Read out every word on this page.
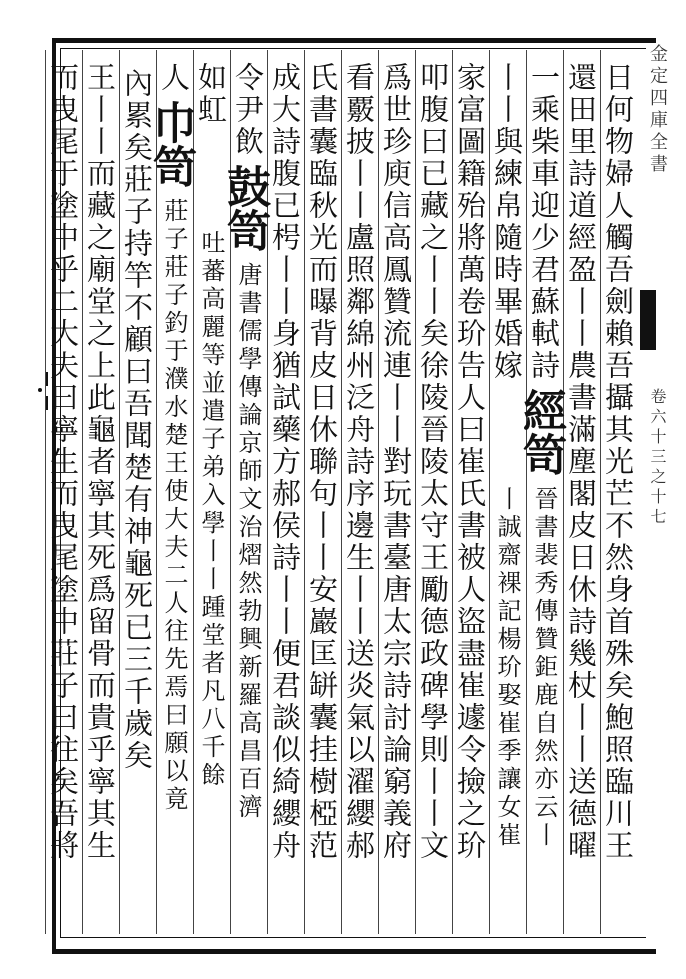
金定四庫全書
卷六十三之十七
日何物婦人觸吾劍賴吾攝其光芒不然身首殊矣鮑照臨川王
還田里詩道經盈丨丨農書滿塵閣皮日休詩幾杖丨丨送德曜
一乘柴車迎少君蘇軾詩
經笥
晉書裴秀傳贊鉅鹿自然亦云丨
丨丨與練帛隨時畢婚嫁
丨誠齋裸記楊玠娶崔季讓女崔
家富圖籍殆將萬卷玠告人曰崔氏書被人盜盡崔遽令撿之玠
叩腹曰已藏之丨丨矣徐陵晉陵太守王勵德政碑學則丨丨文
爲世珍庾信高鳳贊流連丨丨對玩書臺唐太宗詩討論窮義府
看覈披丨丨盧照鄰綿州泛舟詩序邊生丨丨送炎氣以濯纓郝
氏書囊臨秋光而曝背皮日休聯句丨丨安巖匡缾囊挂樹椏范
成大詩腹已枵丨丨身猶試藥方郝侯詩丨丨便君談似綺纓舟
令尹飲
鼓笥
唐書儒學傳論京師文治熠然勃興新羅高昌百濟
如虹
吐蕃高麗等並遣子弟入學丨丨踵堂者凡八千餘
人
巾笥
莊子莊子釣于濮水楚王使大夫二人往先焉曰願以竟
內累矣莊子持竿不顧曰吾聞楚有神龜死已三千歲矣
王丨丨而藏之廟堂之上此龜者寧其死爲留骨而貴乎寧其生
而曳尾于塗中乎二大夫曰寧生而曳尾塗中莊子曰往矣吾將
